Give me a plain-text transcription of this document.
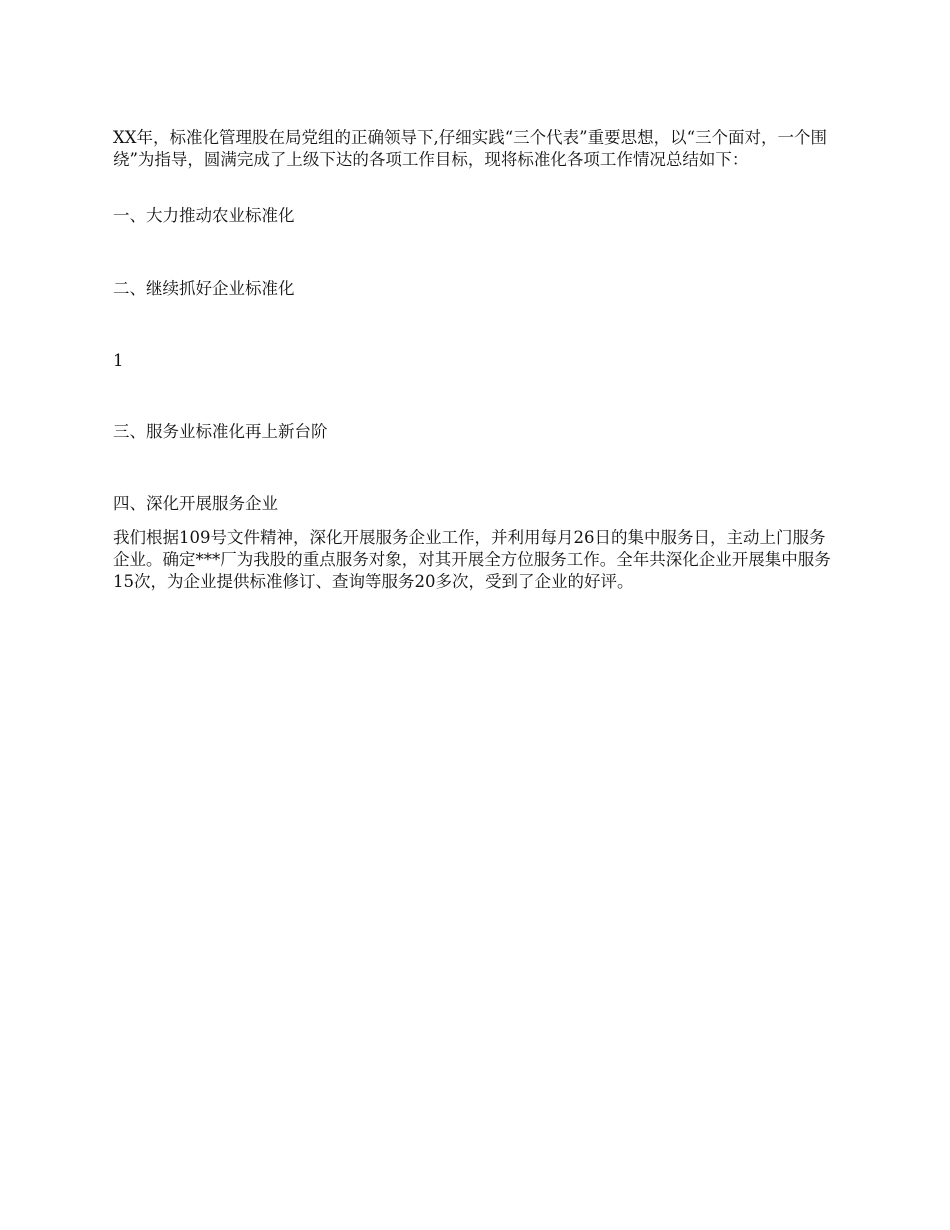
XX年，标准化管理股在局党组的正确领导下,仔细实践“三个代表”重要思想，以“三个面对，一个围绕”为指导，圆满完成了上级下达的各项工作目标，现将标准化各项工作情况总结如下：

一、大力推动农业标准化

二、继续抓好企业标准化

1

三、服务业标准化再上新台阶

四、深化开展服务企业

我们根据109号文件精神，深化开展服务企业工作，并利用每月26日的集中服务日，主动上门服务企业。确定***厂为我股的重点服务对象，对其开展全方位服务工作。全年共深化企业开展集中服务15次，为企业提供标准修订、查询等服务20多次，受到了企业的好评。
